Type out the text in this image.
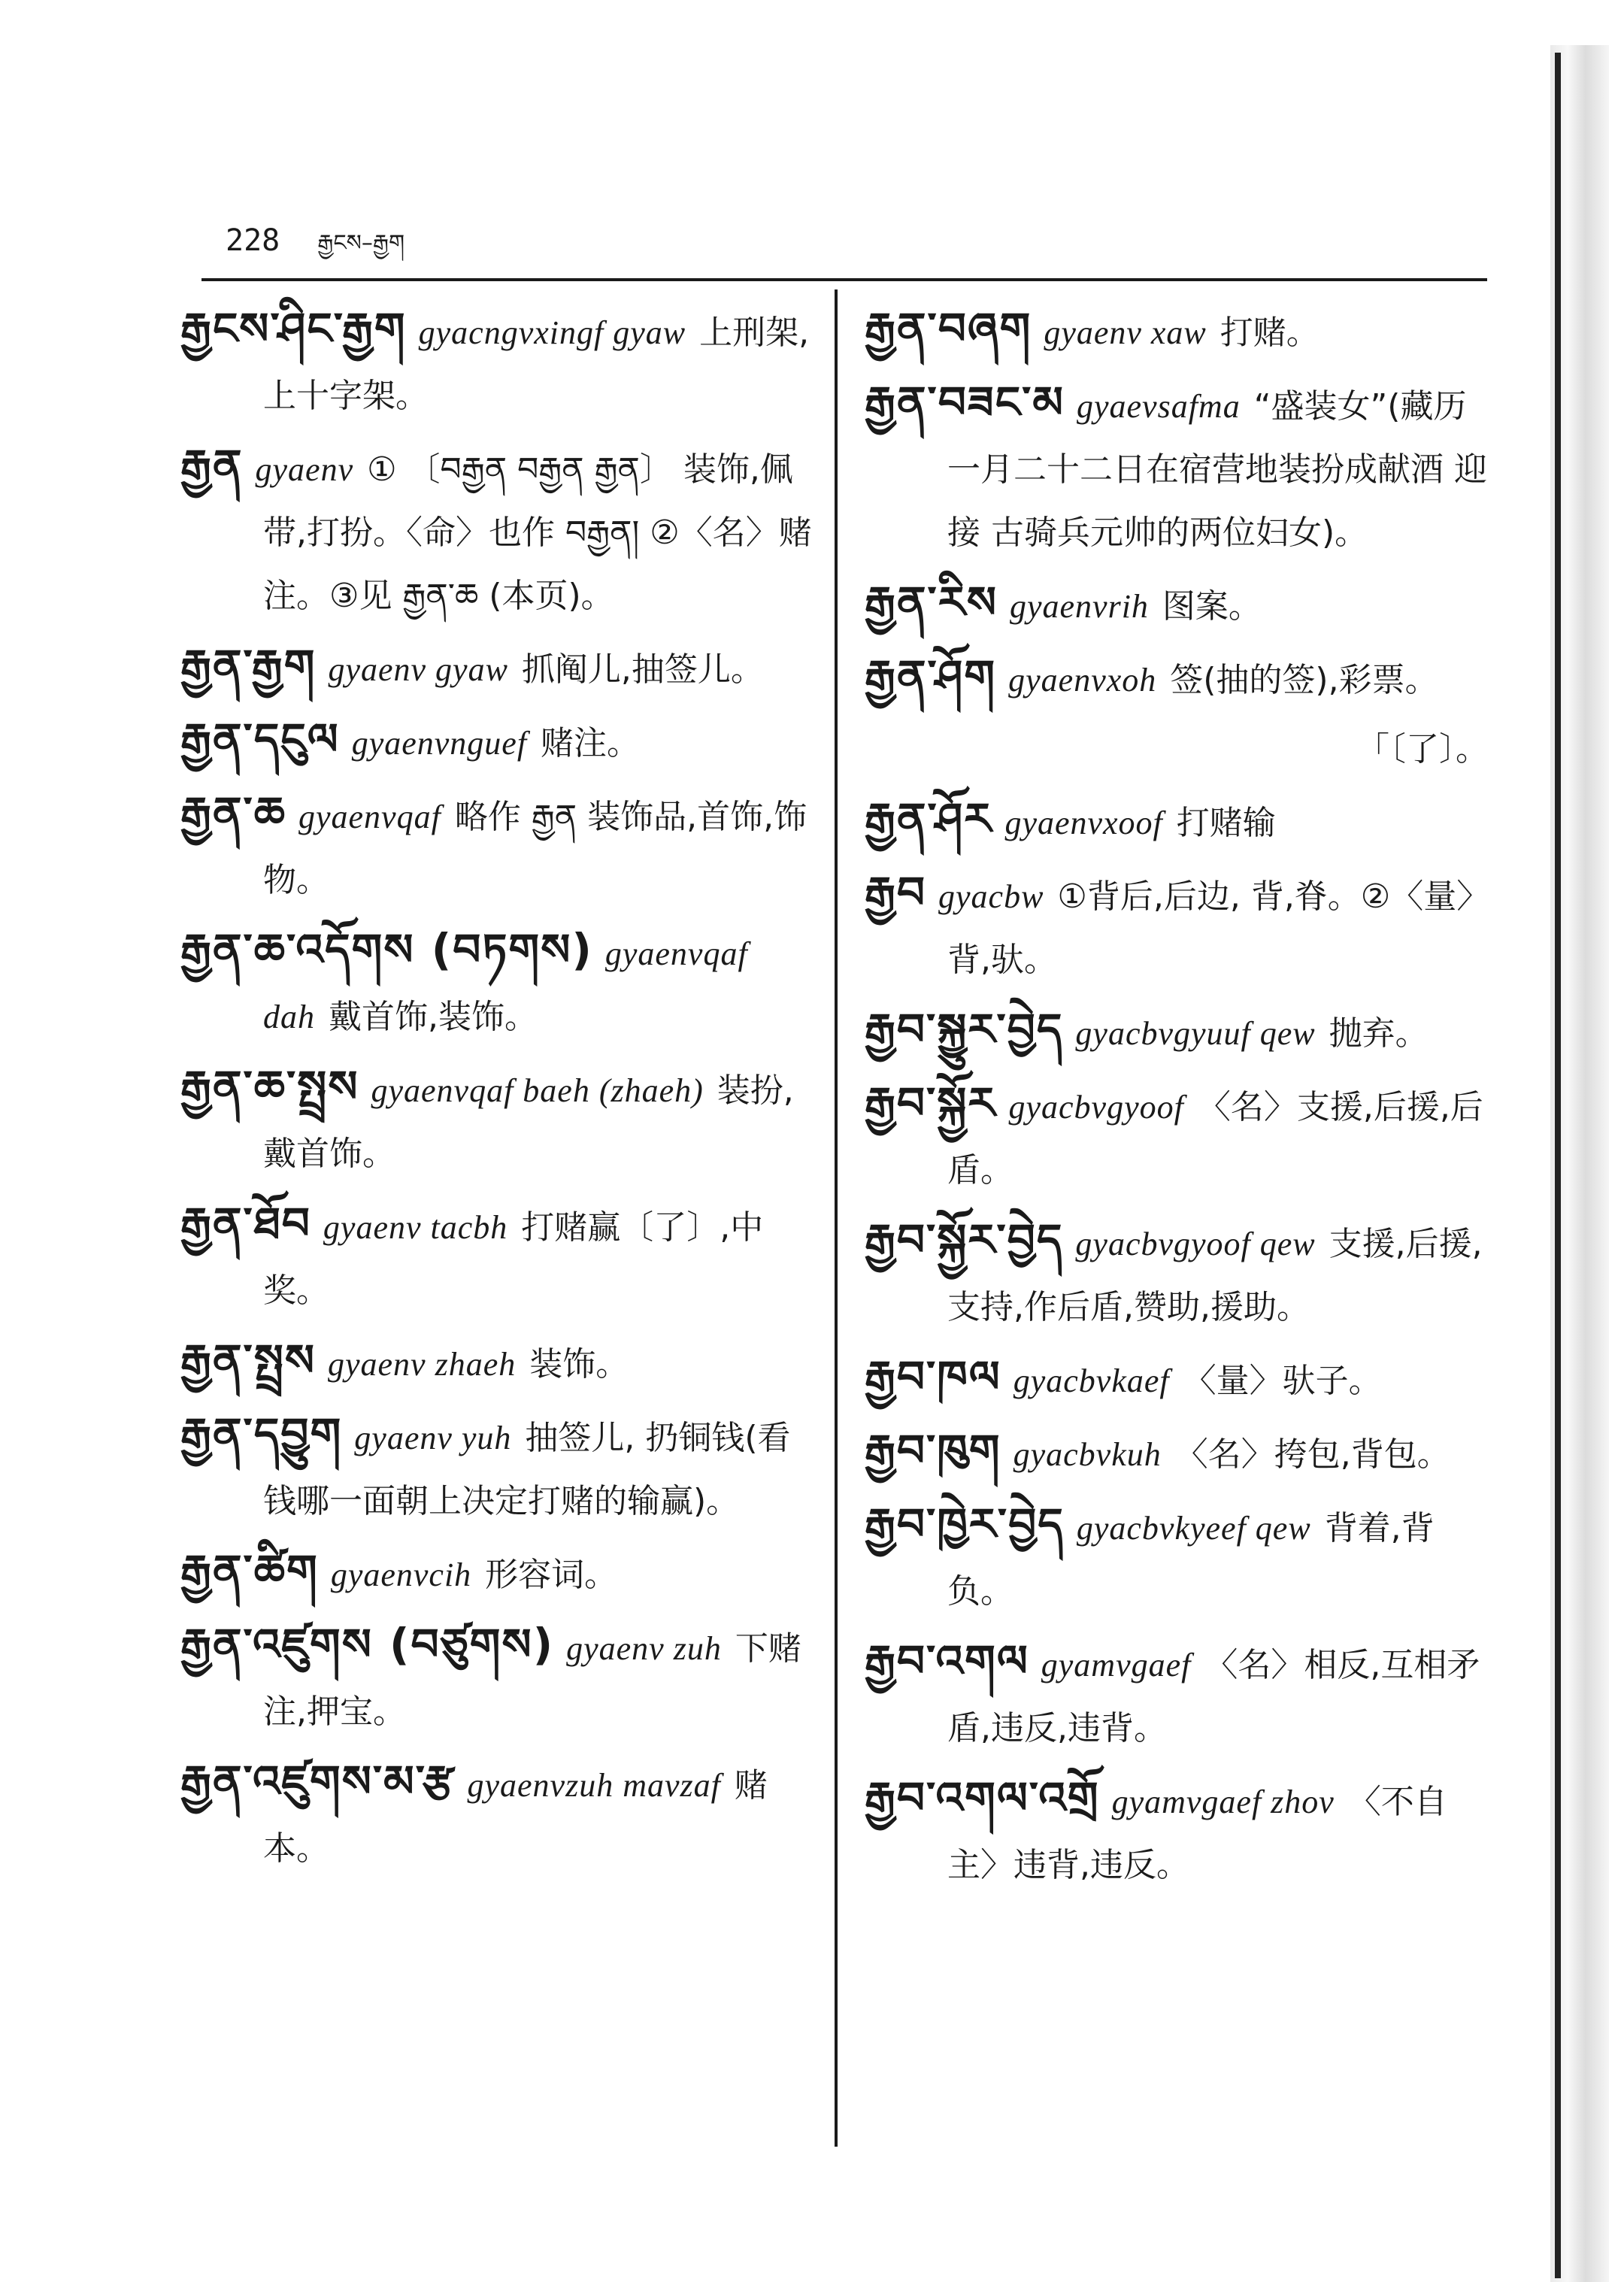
228 རྒྱངས–རྒྱག
རྒྱངས་ཤིང་རྒྱག gyacngvxingf gyaw 上刑架,上十字架。
རྒྱན gyaenv ① 〔བརྒྱན བརྒྱན རྒྱན〕 装饰,佩带,打扮。〈命〉也作 བརྒྱན། ②〈名〉赌注。③见 རྒྱན་ཆ (本页)。
རྒྱན་རྒྱག gyaenv gyaw 抓阄儿,抽签儿。
རྒྱན་དངུལ gyaenvnguef 赌注。
རྒྱན་ཆ gyaenvqaf 略作 རྒྱན 装饰品,首饰,饰物。
རྒྱན་ཆ་འདོགས (བཏགས) gyaenvqaf dah 戴首饰,装饰。
རྒྱན་ཆ་སྤྲས gyaenvqaf baeh (zhaeh) 装扮,戴首饰。
རྒྱན་ཐོབ gyaenv tacbh 打赌赢〔了〕,中奖。
རྒྱན་སྤྲས gyaenv zhaeh 装饰。
རྒྱན་དབྱུག gyaenv yuh 抽签儿, 扔铜钱(看钱哪一面朝上决定打赌的输赢)。
རྒྱན་ཚིག gyaenvcih 形容词。
རྒྱན་འཛུགས (བཙུགས) gyaenv zuh 下赌注,押宝。
རྒྱན་འཛུགས་མ་རྩ gyaenvzuh mavzaf 赌本。
རྒྱན་བཞག gyaenv xaw 打赌。
རྒྱན་བཟང་མ gyaevsafma “盛装女”(藏历一月二十二日在宿营地装扮成献酒 迎接 古骑兵元帅的两位妇女)。
རྒྱན་རིས gyaenvrih 图案。
རྒྱན་ཤོག gyaenvxoh 签(抽的签),彩票。
「〔了〕。
རྒྱན་ཤོར gyaenvxoof 打赌输
རྒྱབ gyacbw ①背后,后边, 背,脊。②〈量〉背,驮。
རྒྱབ་སྐྱུར་བྱེད gyacbvgyuuf qew 抛弃。
རྒྱབ་སྐྱོར gyacbvgyoof 〈名〉支援,后援,后盾。
རྒྱབ་སྐྱོར་བྱེད gyacbvgyoof qew 支援,后援,支持,作后盾,赞助,援助。
རྒྱབ་ཁལ gyacbvkaef 〈量〉驮子。
རྒྱབ་ཁུག gyacbvkuh 〈名〉挎包,背包。
རྒྱབ་ཁྱེར་བྱེད gyacbvkyeef qew 背着,背负。
རྒྱབ་འགལ gyamvgaef 〈名〉相反,互相矛盾,违反,违背。
རྒྱབ་འགལ་འགྲོ gyamvgaef zhov 〈不自主〉违背,违反。
